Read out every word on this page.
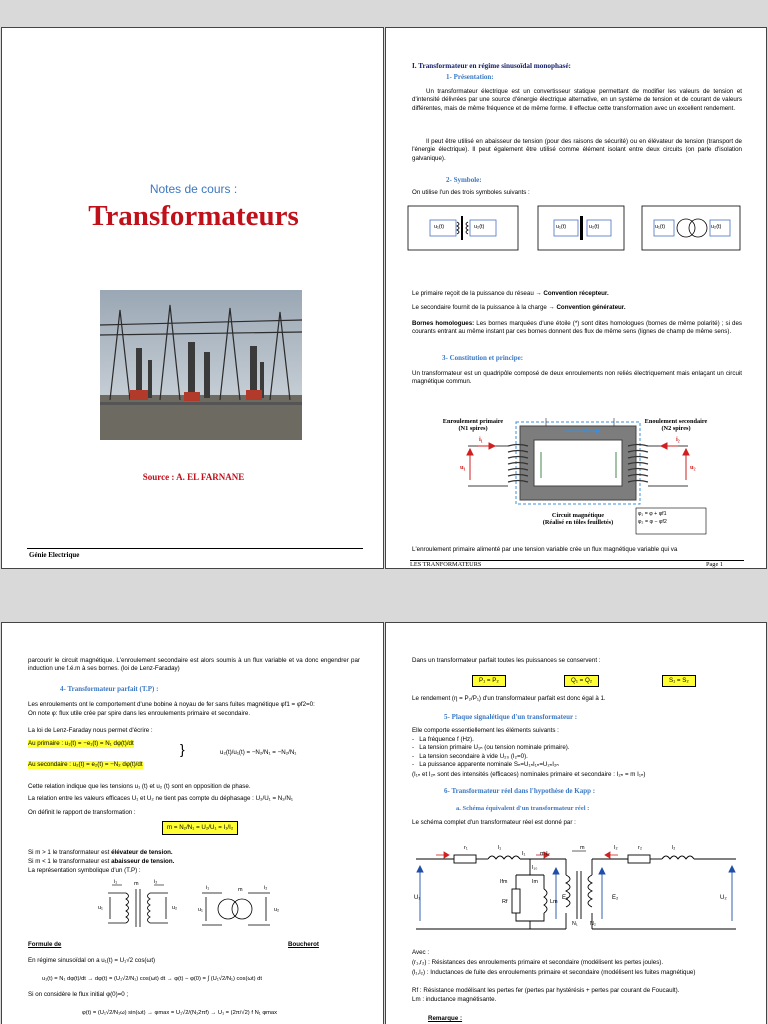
Notes de cours :
Transformateurs
Source : A. EL FARNANE
Génie Electrique
I. Transformateur en régime sinusoïdal monophasé:
1- Présentation:
Un transformateur électrique est un convertisseur statique permettant de modifier les valeurs de tension et d'intensité délivrées par une source d'énergie électrique alternative, en un système de tension et de courant de valeurs différentes, mais de même fréquence et de même forme. Il effectue cette transformation avec un excellent rendement.
Il peut être utilisé en abaisseur de tension (pour des raisons de sécurité) ou en élévateur de tension (transport de l'énergie électrique). Il peut également être utilisé comme élément isolant entre deux circuits (on parle d'isolation galvanique).
2- Symbole:
On utilise l'un des trois symboles suivants :
u₁(t)	u₂(t)	u₁(t)	u₂(t)	u₁(t)	u₂(t)
Le primaire reçoit de la puissance du réseau → Convention récepteur.
Le secondaire fournit de la puissance à la charge → Convention générateur.
Bornes homologues: Les bornes marquées d'une étoile (*) sont dites homologues (bornes de même polarité) ; si des courants entrant au même instant par ces bornes donnent des flux de même sens (lignes de champ de même sens).
3- Constitution et principe:
Un transformateur est un quadripôle composé de deux enroulements non reliés électriquement mais enlaçant un circuit magnétique commun.
Enroulement primaire
(N1 spires)
Enoulement secondaire
(N2 spires)
Circuit magnétique
(Réalisé en tôles feuilletés)
φ
i₁	i₂
u₁	u₂
φ₁ = φ + φf1
φ₂ = φ − φf2
L'enroulement primaire alimenté par une tension variable crée un flux magnétique variable qui va
LES TRANFORMATEURS	Page 1
parcourir le circuit magnétique. L'enroulement secondaire est alors soumis à un flux variable et va donc engendrer par induction une f.é.m à ses bornes. (loi de Lenz-Faraday)
4- Transformateur parfait (T.P) :
Les enroulements ont le comportement d'une bobine à noyau de fer sans fuites magnétique φf1 = φf2=0:
On note φ: flux utile crée par spire dans les enroulements primaire et secondaire.
La loi de Lenz-Faraday nous permet d'écrire :
Au primaire : u₁(t) = −e₁(t) = N₁ dφ(t)/dt
Au secondaire : u₂(t) = e₂(t) = −N₂ dφ(t)/dt
}	u₂(t)/u₁(t) = −N₂/N₁ = −N₂/N₁
Cette relation indique que les tensions u₁ (t) et u₂ (t) sont en opposition de phase.
La relation entre les valeurs efficaces U₁ et U₂ ne tient pas compte du déphasage : U₂/U₁ = N₂/N₁
On définit le rapport de transformation :
m = N₂/N₁ = U₂/U₁ = I₁/I₂
Si m > 1 le transformateur est élévateur de tension.
Si m < 1 le transformateur est abaisseur de tension.
La représentation symbolique d'un (T.P) :
m
m
i₁	i₂
i₁	i₂
u₁	u₂	u₁	u₂
Formule de	Boucherot
En régime sinusoïdal on a u₁(t) = U₁√2 cos(ωt)
u₁(t) = N₁ dφ(t)/dt → dφ(t) = (U₁√2/N₁) cos(ωt) dt → φ(t) − φ(0) = ∫ (U₁√2/N₁) cos(ωt) dt
Si on considère le flux initial φ(0)=0 ;
φ(t) = (U₁√2/N₁ω) sin(ωt) → φmax = U₁√2/(N₁2πf) → U₁ = (2π/√2) f N₁ φmax
Dans un transformateur parfait toutes les puissances se conservent :
P₁ = P₂	Q₁ = Q₂	S₁ = S₂
Le rendement (η = P₂/P₁) d'un transformateur parfait est donc égal à 1.
5- Plaque signalétique d'un transformateur :
Elle comporte essentiellement les éléments suivants :
-   La fréquence f (Hz).
-   La tension primaire U₁ₙ (ou tension nominale primaire).
-   La tension secondaire à vide U₂₀ (I₂=0).
-   La puissance apparente nominale Sₙ=U₁ₙI₁ₙ=U₂ₙI₂ₙ
(I₁ₙ et I₂ₙ sont des intensités (efficaces) nominales primaire et secondaire : I₂ₙ = m I₁ₙ)
6- Transformateur réel dans l'hypothèse de Kapp :
a. Schéma équivalent d'un transformateur réel :
Le schéma complet d'un transformateur réel est donné par :
r₁	l₁
I₁	m I₂
I₁₀
Ifm	Im
Rf	Lm
U₁	E₁
N₁ N₂
m	I₂	r₂	l₂
E₂	U₂
Avec :
(r₁,r₂) : Résistances des enroulements primaire et secondaire (modélisent les pertes joules).
(l₁,l₂) : Inductances de fuite des enroulements primaire et secondaire (modélisent les fuites magnétique)
Rf : Résistance modélisant les pertes fer (pertes par hystérésis + pertes par courant de Foucault).
Lm : inductance magnétisante.
Remarque :
